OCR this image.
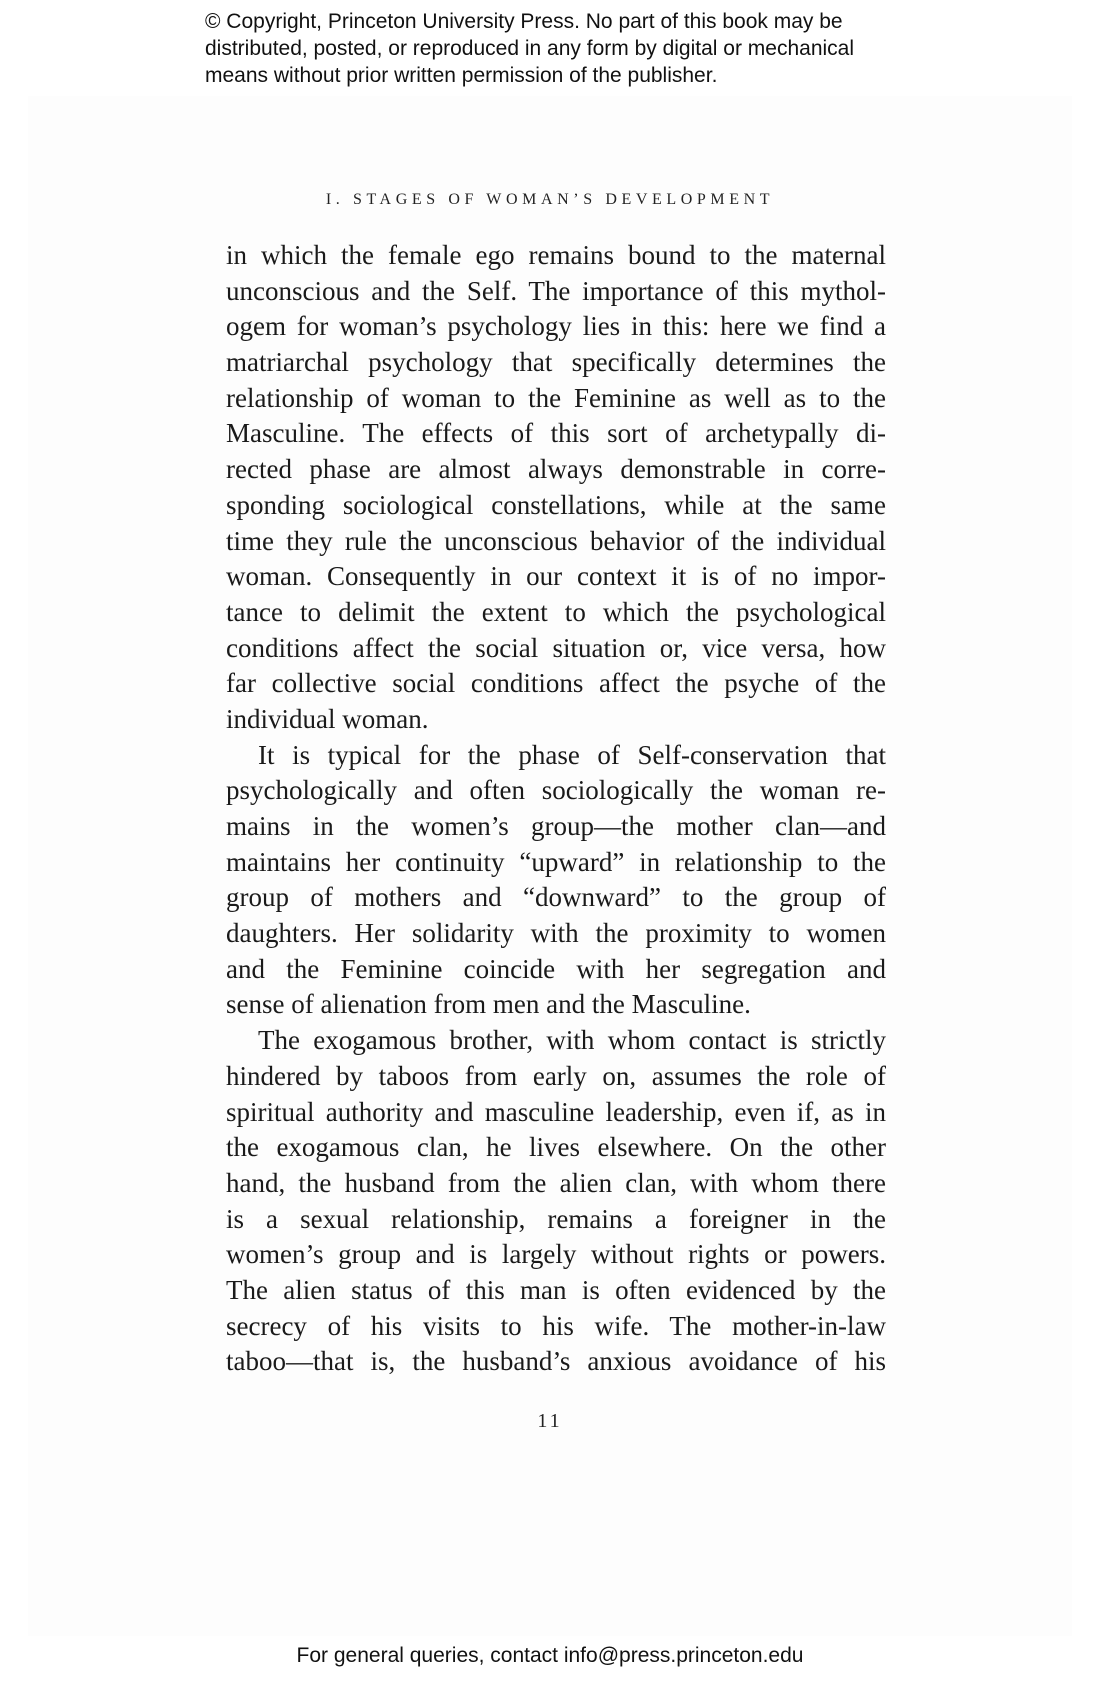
© Copyright, Princeton University Press. No part of this book may be
distributed, posted, or reproduced in any form by digital or mechanical
means without prior written permission of the publisher.
I. STAGES OF WOMAN’S DEVELOPMENT
in which the female ego remains bound to the maternal
unconscious and the Self. The importance of this mythol-
ogem for woman’s psychology lies in this: here we find a
matriarchal psychology that specifically determines the
relationship of woman to the Feminine as well as to the
Masculine. The effects of this sort of archetypally di-
rected phase are almost always demonstrable in corre-
sponding sociological constellations, while at the same
time they rule the unconscious behavior of the individual
woman. Consequently in our context it is of no impor-
tance to delimit the extent to which the psychological
conditions affect the social situation or, vice versa, how
far collective social conditions affect the psyche of the
individual woman.
It is typical for the phase of Self-conservation that
psychologically and often sociologically the woman re-
mains in the women’s group—the mother clan—and
maintains her continuity “upward” in relationship to the
group of mothers and “downward” to the group of
daughters. Her solidarity with the proximity to women
and the Feminine coincide with her segregation and
sense of alienation from men and the Masculine.
The exogamous brother, with whom contact is strictly
hindered by taboos from early on, assumes the role of
spiritual authority and masculine leadership, even if, as in
the exogamous clan, he lives elsewhere. On the other
hand, the husband from the alien clan, with whom there
is a sexual relationship, remains a foreigner in the
women’s group and is largely without rights or powers.
The alien status of this man is often evidenced by the
secrecy of his visits to his wife. The mother-in-law
taboo—that is, the husband’s anxious avoidance of his
11
For general queries, contact info@press.princeton.edu
